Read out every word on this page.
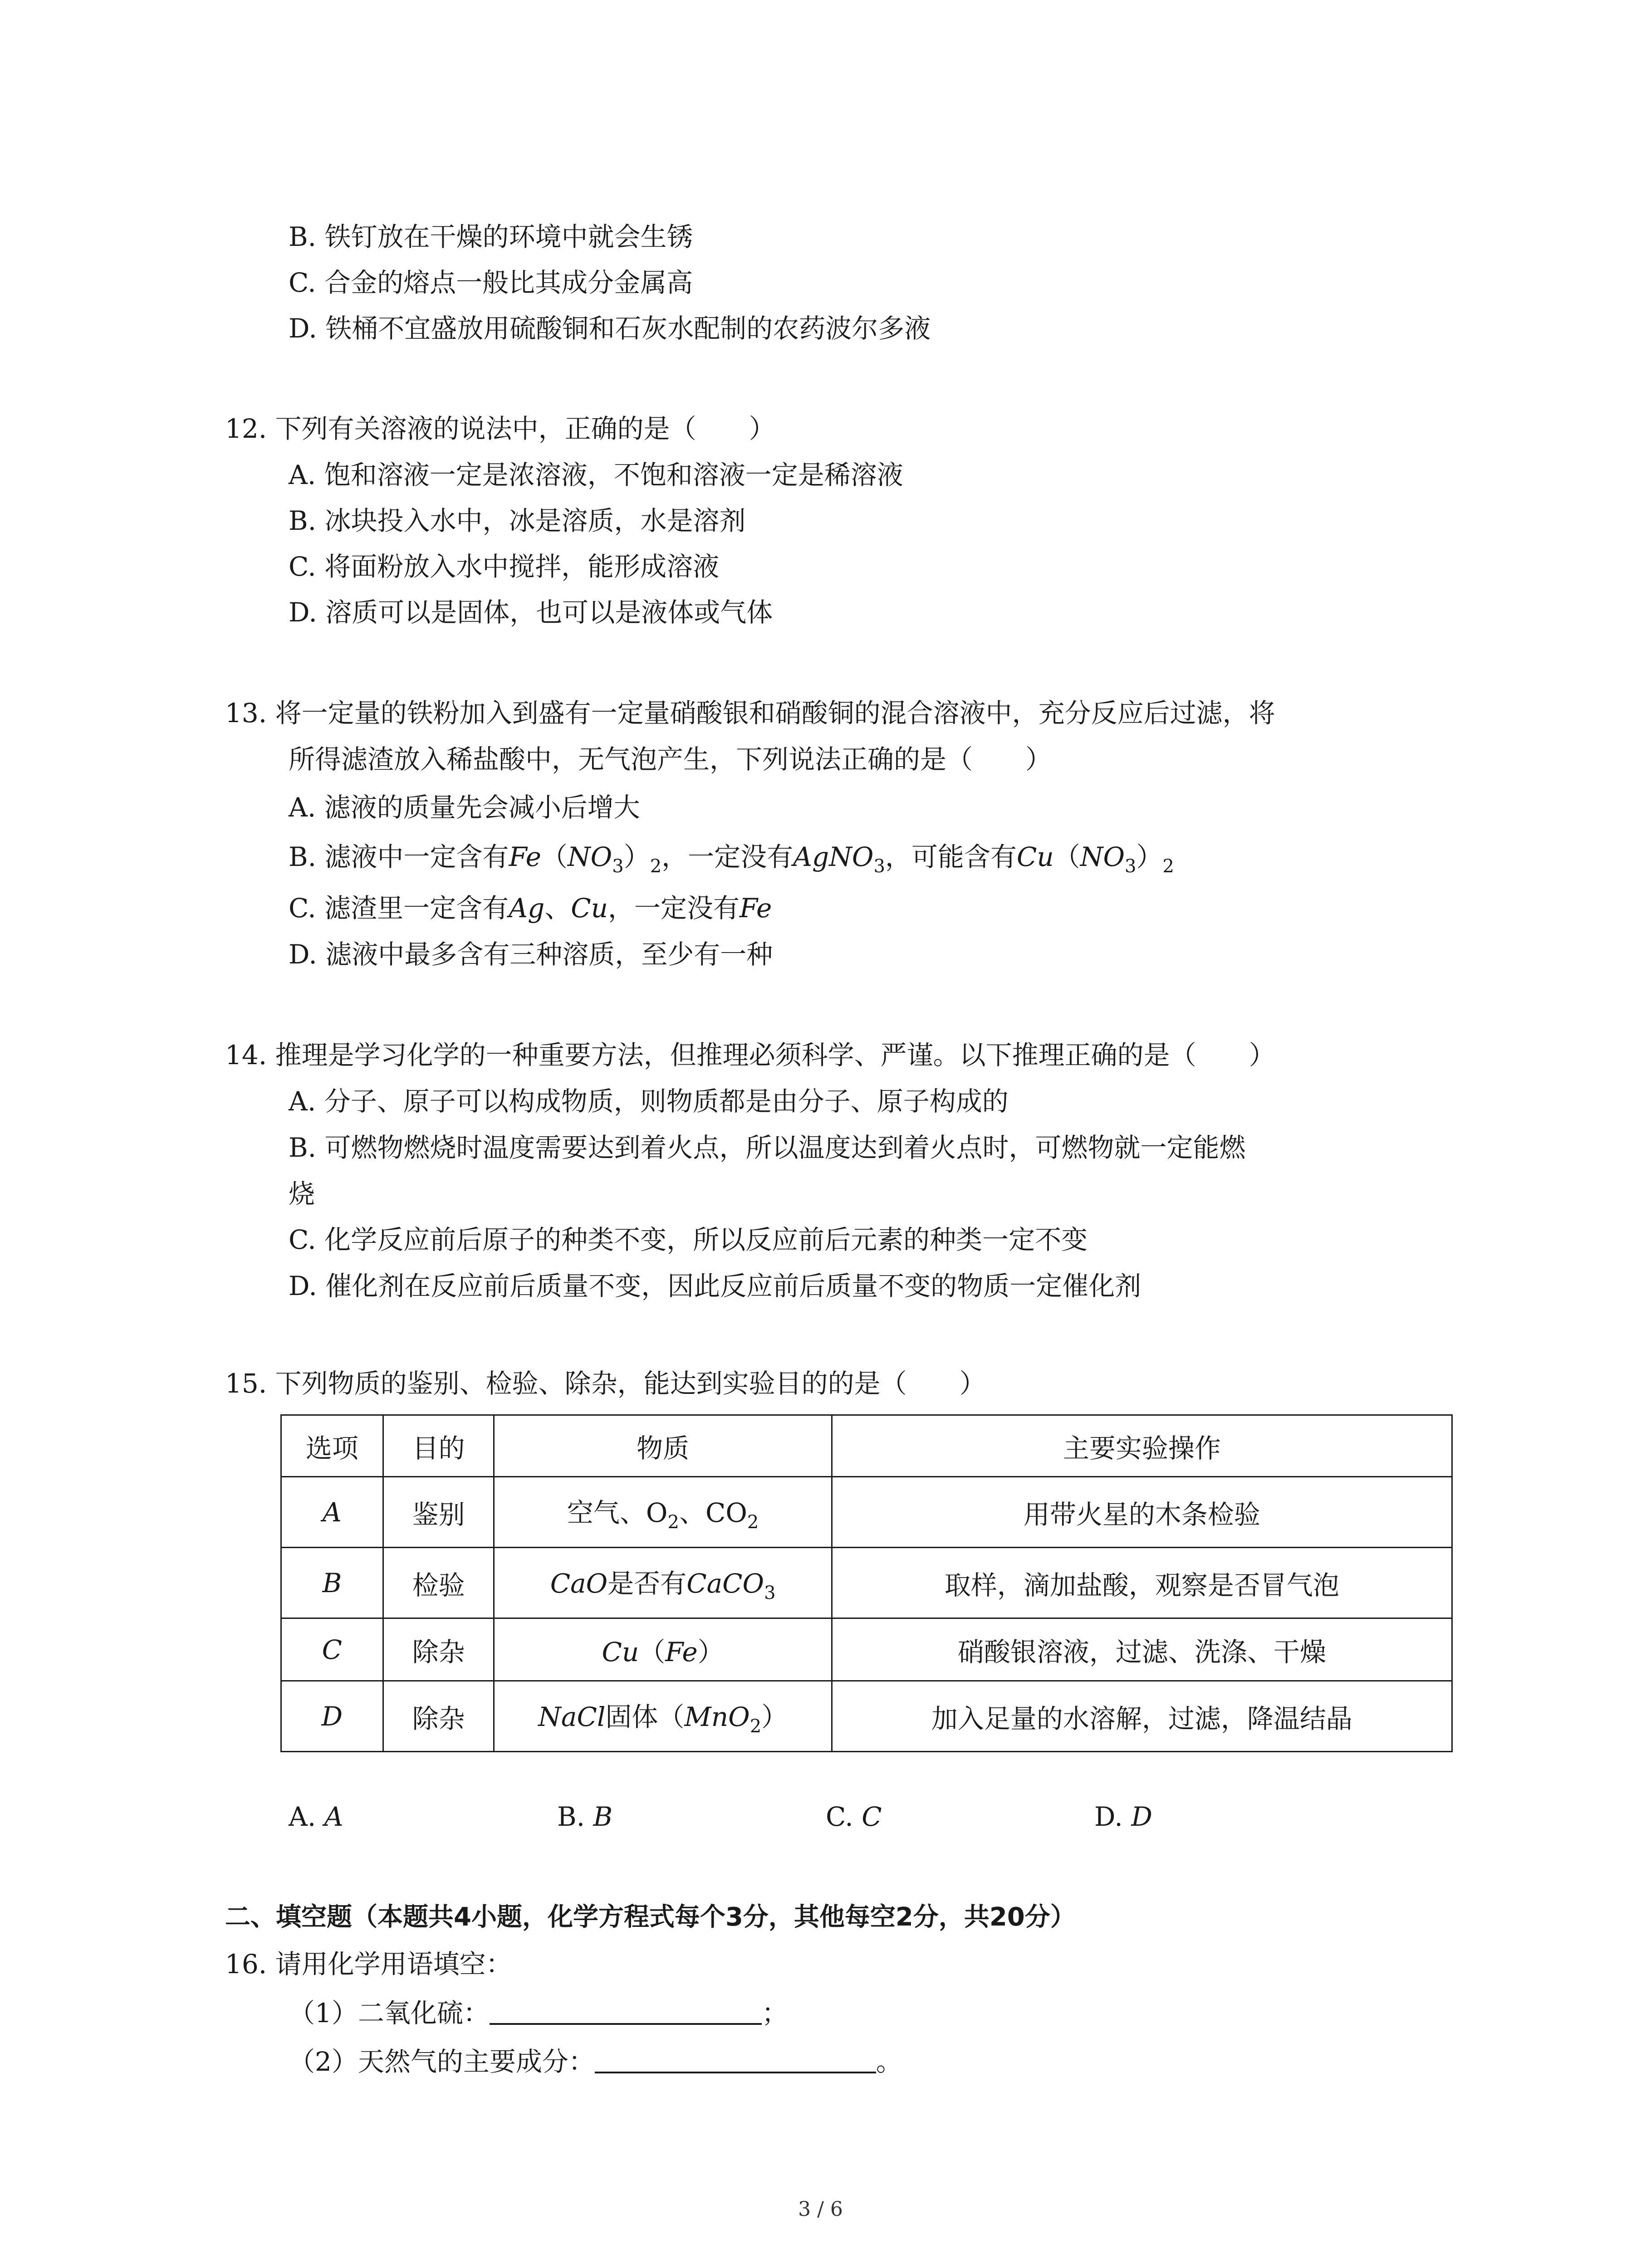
B. 铁钉放在干燥的环境中就会生锈
C. 合金的熔点一般比其成分金属高
D. 铁桶不宜盛放用硫酸铜和石灰水配制的农药波尔多液
12. 下列有关溶液的说法中，正确的是（　　）
A. 饱和溶液一定是浓溶液，不饱和溶液一定是稀溶液
B. 冰块投入水中，冰是溶质，水是溶剂
C. 将面粉放入水中搅拌，能形成溶液
D. 溶质可以是固体，也可以是液体或气体
13. 将一定量的铁粉加入到盛有一定量硝酸银和硝酸铜的混合溶液中，充分反应后过滤，将
所得滤渣放入稀盐酸中，无气泡产生，下列说法正确的是（　　）
A. 滤液的质量先会减小后增大
B. 滤液中一定含有$Fe(NO_3)_2$，一定没有AgNO$_3$，可能含有$Cu(NO_3)_2$
C. 滤渣里一定含有Ag、Cu，一定没有Fe
D. 滤液中最多含有三种溶质，至少有一种
14. 推理是学习化学的一种重要方法，但推理必须科学、严谨。以下推理正确的是（　　）
A. 分子、原子可以构成物质，则物质都是由分子、原子构成的
B. 可燃物燃烧时温度需要达到着火点，所以温度达到着火点时，可燃物就一定能燃
烧
C. 化学反应前后原子的种类不变，所以反应前后元素的种类一定不变
D. 催化剂在反应前后质量不变，因此反应前后质量不变的物质一定催化剂
15. 下列物质的鉴别、检验、除杂，能达到实验目的的是（　　）
选项	目的	物质	主要实验操作
A	鉴别	空气、$O_2$、$CO_2$	用带火星的木条检验
B	检验	CaO是否有CaCO$_3$	取样，滴加盐酸，观察是否冒气泡
C	除杂	Cu（Fe）	硝酸银溶液，过滤、洗涤、干燥
D	除杂	NaCl固体（MnO$_2$）	加入足量的水溶解，过滤，降温结晶
A. A	B. B	C. C	D. D
二、填空题（本题共4小题，化学方程式每个3分，其他每空2分，共20分）
16. 请用化学用语填空：
（1）二氧化硫：	；
（2）天然气的主要成分：	。
3 / 6
